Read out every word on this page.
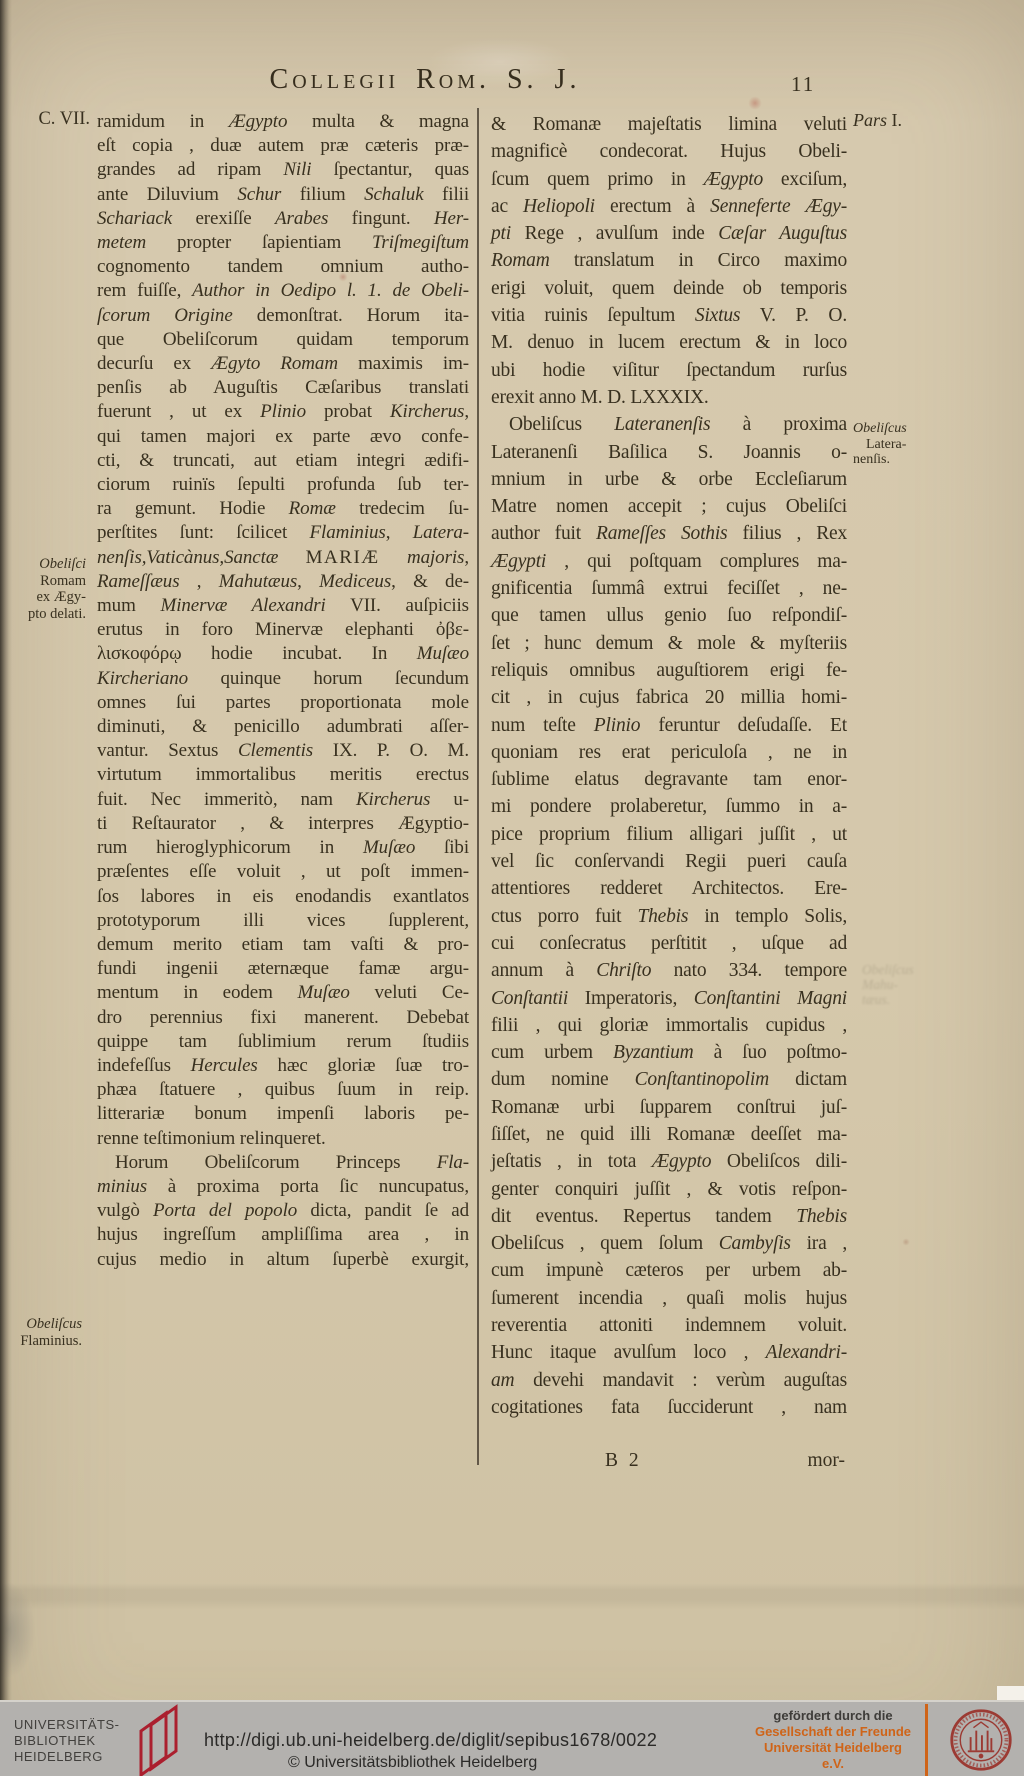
Collegii Rom. S. J.	11
C. VII. ramidum in Ægypto multa & magna
eſt copia , duæ autem præ cæteris præ-
grandes ad ripam Nili ſpectantur, quas
ante Diluvium Schur filium Schaluk filii
Schariack erexiſſe Arabes fingunt. Her-
metem propter ſapientiam Triſmegiſtum
cognomento tandem omnium autho-
rem fuiſſe, Author in Oedipo l. 1. de Obeli-
ſcorum Origine demonſtrat. Horum ita-
que Obeliſcorum quidam temporum
decurſu ex Ægyto Romam maximis im-
penſis ab Auguſtis Cæſaribus translati
fuerunt , ut ex Plinio probat Kircherus,
qui tamen majori ex parte ævo confe-
cti, & truncati, aut etiam integri ædifi-
ciorum ruinïs ſepulti profunda ſub ter-
ra gemunt. Hodie Romæ tredecim ſu-
perſtites ſunt: ſcilicet Flaminius, Latera-
nenſis,Vaticànus,Sanctæ MARIÆ majoris,
Rameſſæus , Mahutæus, Mediceus, & de-
mum Minervæ Alexandri VII. auſpiciis
erutus in foro Minervæ elephanti ὀβε-
λισκοφόρῳ hodie incubat. In Muſæo
Kircheriano quinque horum ſecundum
omnes ſui partes proportionata mole
diminuti, & penicillo adumbrati aſſer-
vantur. Sextus Clementis IX. P. O. M.
virtutum immortalibus meritis erectus
fuit. Nec immeritò, nam Kircherus u-
ti Reſtaurator , & interpres Ægyptio-
rum hieroglyphicorum in Muſæo ſibi
præſentes eſſe voluit , ut poſt immen-
ſos labores in eis enodandis exantlatos
prototyporum illi vices ſupplerent,
demum merito etiam tam vaſti & pro-
fundi ingenii æternæque famæ argu-
mentum in eodem Muſæo veluti Ce-
dro perennius fixi manerent. Debebat
quippe tam ſublimium rerum ſtudiis
indefeſſus Hercules hæc gloriæ ſuæ tro-
phæa ſtatuere , quibus ſuum in reip.
litterariæ bonum impenſi laboris pe-
renne teſtimonium relinqueret.
Horum Obeliſcorum Princeps Fla-
minius à proxima porta ſic nuncupatus,
vulgò Porta del popolo dicta, pandit ſe ad
hujus ingreſſum ampliſſima area , in
cujus medio in altum ſuperbè exurgit,
& Romanæ majeſtatis limina veluti
magnificè condecorat. Hujus Obeli-
ſcum quem primo in Ægypto exciſum,
ac Heliopoli erectum à Senneferte Ægy-
pti Rege , avulſum inde Cæſar Auguſtus
Romam translatum in Circo maximo
erigi voluit, quem deinde ob temporis
vitia ruinis ſepultum Sixtus V. P. O.
M. denuo in lucem erectum & in loco
ubi hodie viſitur ſpectandum rurſus
erexit anno M. D. LXXXIX.
Obeliſcus Lateranenſis à proxima
Lateranenſi Baſilica S. Joannis o-
mnium in urbe & orbe Eccleſiarum
Matre nomen accepit ; cujus Obeliſci
author fuit Rameſſes Sothis filius , Rex
Ægypti , qui poſtquam complures ma-
gnificentia ſummâ extrui feciſſet , ne-
que tamen ullus genio ſuo reſpondiſ-
ſet ; hunc demum & mole & myſteriis
reliquis omnibus auguſtiorem erigi fe-
cit , in cujus fabrica 20 millia homi-
num teſte Plinio feruntur deſudaſſe. Et
quoniam res erat periculoſa , ne in
ſublime elatus degravante tam enor-
mi pondere prolaberetur, ſummo in a-
pice proprium filium alligari juſſit , ut
vel ſic conſervandi Regii pueri cauſa
attentiores redderet Architectos. Ere-
ctus porro fuit Thebis in templo Solis,
cui conſecratus perſtitit , uſque ad
annum à Chriſto nato 334. tempore
Conſtantii Imperatoris, Conſtantini Magni
filii , qui gloriæ immortalis cupidus ,
cum urbem Byzantium à ſuo poſtmo-
dum nomine Conſtantinopolim dictam
Romanæ urbi ſupparem conſtrui juſ-
ſiſſet, ne quid illi Romanæ deeſſet ma-
jeſtatis , in tota Ægypto Obeliſcos dili-
genter conquiri juſſit , & votis reſpon-
dit eventus. Repertus tandem Thebis
Obeliſcus , quem ſolum Cambyſis ira ,
cum impunè cæteros per urbem ab-
ſumerent incendia , quaſi molis hujus
reverentia attoniti indemnem voluit.
Hunc itaque avulſum loco , Alexandri-
am devehi mandavit : verùm auguſtas
cogitationes fata ſucciderunt , nam
Obeliſci
Romam
ex Ægy-
pto delati.
Obeliſcus
Flaminius.
Pars I.
Obeliſcus
Latera-
nenſis.
Obeliſcus
Mahu-
tæus.
B 2	mor-
UNIVERSITÄTS-
BIBLIOTHEK
HEIDELBERG
http://digi.ub.uni-heidelberg.de/diglit/sepibus1678/0022
© Universitätsbibliothek Heidelberg
gefördert durch die
Gesellschaft der Freunde
Universität Heidelberg e.V.
